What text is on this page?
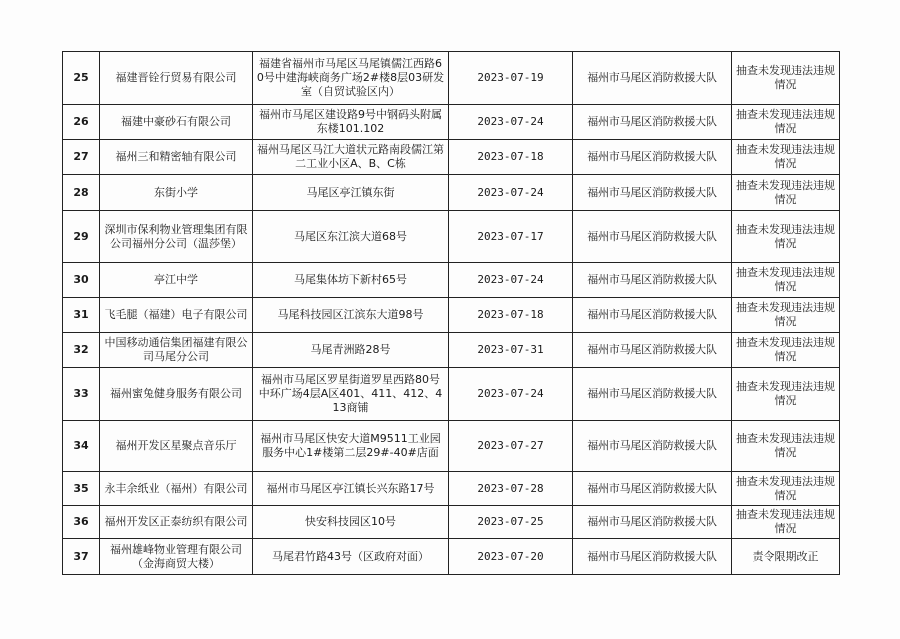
25	福建晋铨行贸易有限公司	福建省福州市马尾区马尾镇儒江西路60号中建海峡商务广场2#楼8层03研发室（自贸试验区内）	2023-07-19	福州市马尾区消防救援大队	抽查未发现违法违规情况
26	福建中豪砂石有限公司	福州市马尾区建设路9号中钢码头附属东楼101.102	2023-07-24	福州市马尾区消防救援大队	抽查未发现违法违规情况
27	福州三和精密轴有限公司	福州马尾区马江大道状元路南段儒江第二工业小区A、B、C栋	2023-07-18	福州市马尾区消防救援大队	抽查未发现违法违规情况
28	东街小学	马尾区亭江镇东街	2023-07-24	福州市马尾区消防救援大队	抽查未发现违法违规情况
29	深圳市保利物业管理集团有限公司福州分公司（温莎堡）	马尾区东江滨大道68号	2023-07-17	福州市马尾区消防救援大队	抽查未发现违法违规情况
30	亭江中学	马尾集体坊下新村65号	2023-07-24	福州市马尾区消防救援大队	抽查未发现违法违规情况
31	飞毛腿（福建）电子有限公司	马尾科技园区江滨东大道98号	2023-07-18	福州市马尾区消防救援大队	抽查未发现违法违规情况
32	中国移动通信集团福建有限公司马尾分公司	马尾青洲路28号	2023-07-31	福州市马尾区消防救援大队	抽查未发现违法违规情况
33	福州蜜兔健身服务有限公司	福州市马尾区罗星街道罗星西路80号中环广场4层A区401、411、412、413商铺	2023-07-24	福州市马尾区消防救援大队	抽查未发现违法违规情况
34	福州开发区星聚点音乐厅	福州市马尾区快安大道M9511工业园服务中心1#楼第二层29#-40#店面	2023-07-27	福州市马尾区消防救援大队	抽查未发现违法违规情况
35	永丰余纸业（福州）有限公司	福州市马尾区亭江镇长兴东路17号	2023-07-28	福州市马尾区消防救援大队	抽查未发现违法违规情况
36	福州开发区正泰纺织有限公司	快安科技园区10号	2023-07-25	福州市马尾区消防救援大队	抽查未发现违法违规情况
37	福州雄峰物业管理有限公司（金海商贸大楼）	马尾君竹路43号（区政府对面）	2023-07-20	福州市马尾区消防救援大队	责令限期改正
